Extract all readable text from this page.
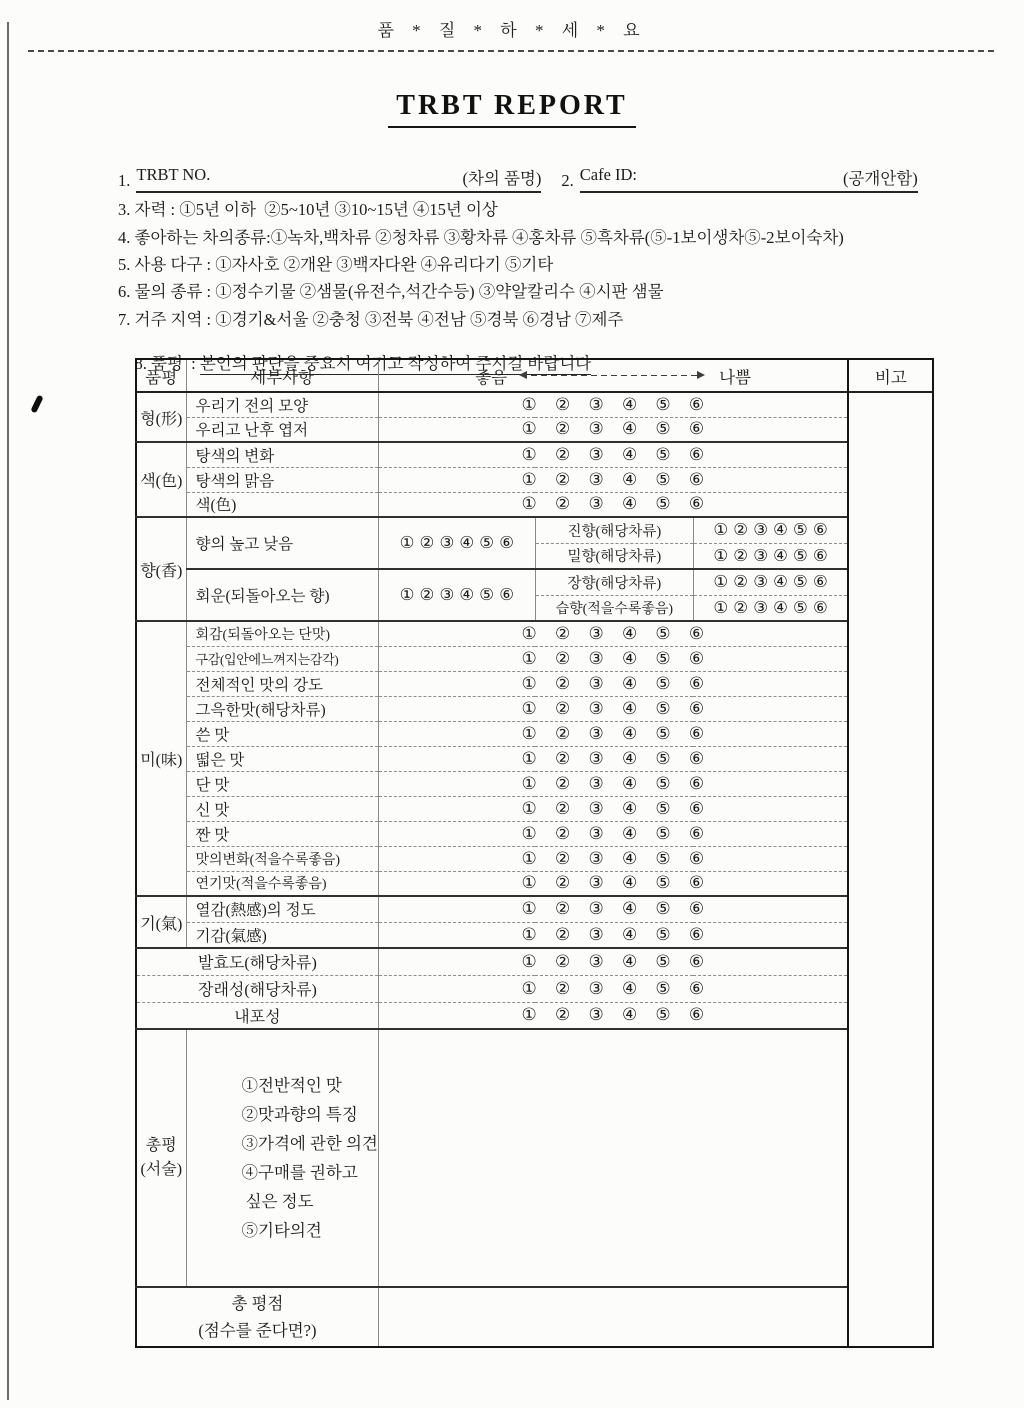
품 * 질 * 하 * 세 * 요
TRBT REPORT
1. TRBT NO.	(차의 품명) 2. Cafe ID:	(공개안함)
3. 자력 : ①5년 이하  ②5~10년 ③10~15년 ④15년 이상
4. 좋아하는 차의종류:①녹차,백차류 ②청차류 ③황차류 ④홍차류 ⑤흑차류(⑤-1보이생차⑤-2보이숙차)
5. 사용 다구 : ①자사호 ②개완 ③백자다완 ④유리다기 ⑤기타
6. 물의 종류 : ①정수기물 ②샘물(유전수,석간수등) ③약알칼리수 ④시판 샘물
7. 거주 지역 : ①경기&서울 ②충청 ③전북 ④전남 ⑤경북 ⑥경남 ⑦제주

8. 품평  : 본인의 판단을 중요시 여기고 작성하여 주시길 바랍니다

품평	세부사항	좋음 나쁨			비고
형(形)	우리기 전의 모양	① ② ③ ④ ⑤ ⑥			
	우리고 난후 엽저	① ② ③ ④ ⑤ ⑥			
색(色)	탕색의 변화	① ② ③ ④ ⑤ ⑥			
	탕색의 맑음	① ② ③ ④ ⑤ ⑥			
	색(色)	① ② ③ ④ ⑤ ⑥			
향(香)	향의 높고 낮음	① ② ③ ④ ⑤ ⑥	진향(해당차류)	① ② ③ ④ ⑤ ⑥	
			밀향(해당차류)	① ② ③ ④ ⑤ ⑥	
	회운(되돌아오는 향)	① ② ③ ④ ⑤ ⑥	장향(해당차류)	① ② ③ ④ ⑤ ⑥	
			습향(적을수록좋음)	① ② ③ ④ ⑤ ⑥	
미(味)	회감(되돌아오는 단맛)	① ② ③ ④ ⑤ ⑥			
	구감(입안에느껴지는감각)	① ② ③ ④ ⑤ ⑥			
	전체적인 맛의 강도	① ② ③ ④ ⑤ ⑥			
	그윽한맛(해당차류)	① ② ③ ④ ⑤ ⑥			
	쓴 맛	① ② ③ ④ ⑤ ⑥			
	떫은 맛	① ② ③ ④ ⑤ ⑥			
	단 맛	① ② ③ ④ ⑤ ⑥			
	신 맛	① ② ③ ④ ⑤ ⑥			
	짠 맛	① ② ③ ④ ⑤ ⑥			
	맛의변화(적을수록좋음)	① ② ③ ④ ⑤ ⑥			
	연기맛(적을수록좋음)	① ② ③ ④ ⑤ ⑥			
기(氣)	열감(熱感)의 정도	① ② ③ ④ ⑤ ⑥			
	기감(氣感)	① ② ③ ④ ⑤ ⑥			
발효도(해당차류)		① ② ③ ④ ⑤ ⑥			
장래성(해당차류)		① ② ③ ④ ⑤ ⑥			
내포성		① ② ③ ④ ⑤ ⑥			

총평
(서술)

①전반적인 맛
②맛과향의 특징
③가격에 관한 의견
④구매를 권하고
싶은 정도
⑤기타의견

총 평점
(점수를 준다면?)					
